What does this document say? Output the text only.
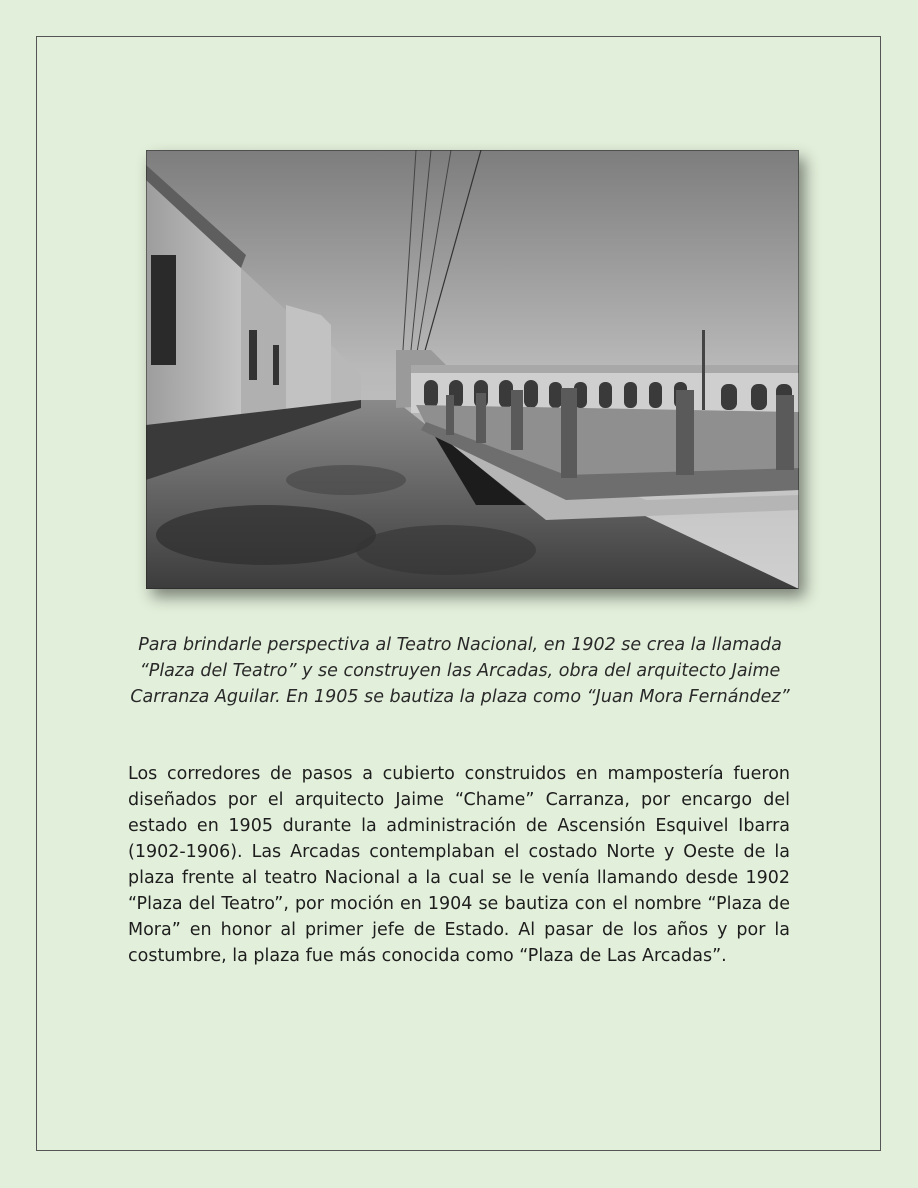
Para brindarle perspectiva al Teatro Nacional, en 1902 se crea la llamada “Plaza del Teatro” y se construyen las Arcadas, obra del arquitecto Jaime Carranza Aguilar. En 1905 se bautiza la plaza como “Juan Mora Fernández”

Los corredores de pasos a cubierto construidos en mampostería fueron diseñados por el arquitecto Jaime “Chame” Carranza, por encargo del estado en 1905 durante la administración de Ascensión Esquivel Ibarra (1902-1906). Las Arcadas contemplaban el costado Norte y Oeste de la plaza frente al teatro Nacional a la cual se le venía llamando desde 1902 “Plaza del Teatro”, por moción en 1904 se bautiza con el nombre “Plaza de Mora” en honor al primer jefe de Estado. Al pasar de los años y por la costumbre, la plaza fue más conocida como “Plaza de Las Arcadas”.
